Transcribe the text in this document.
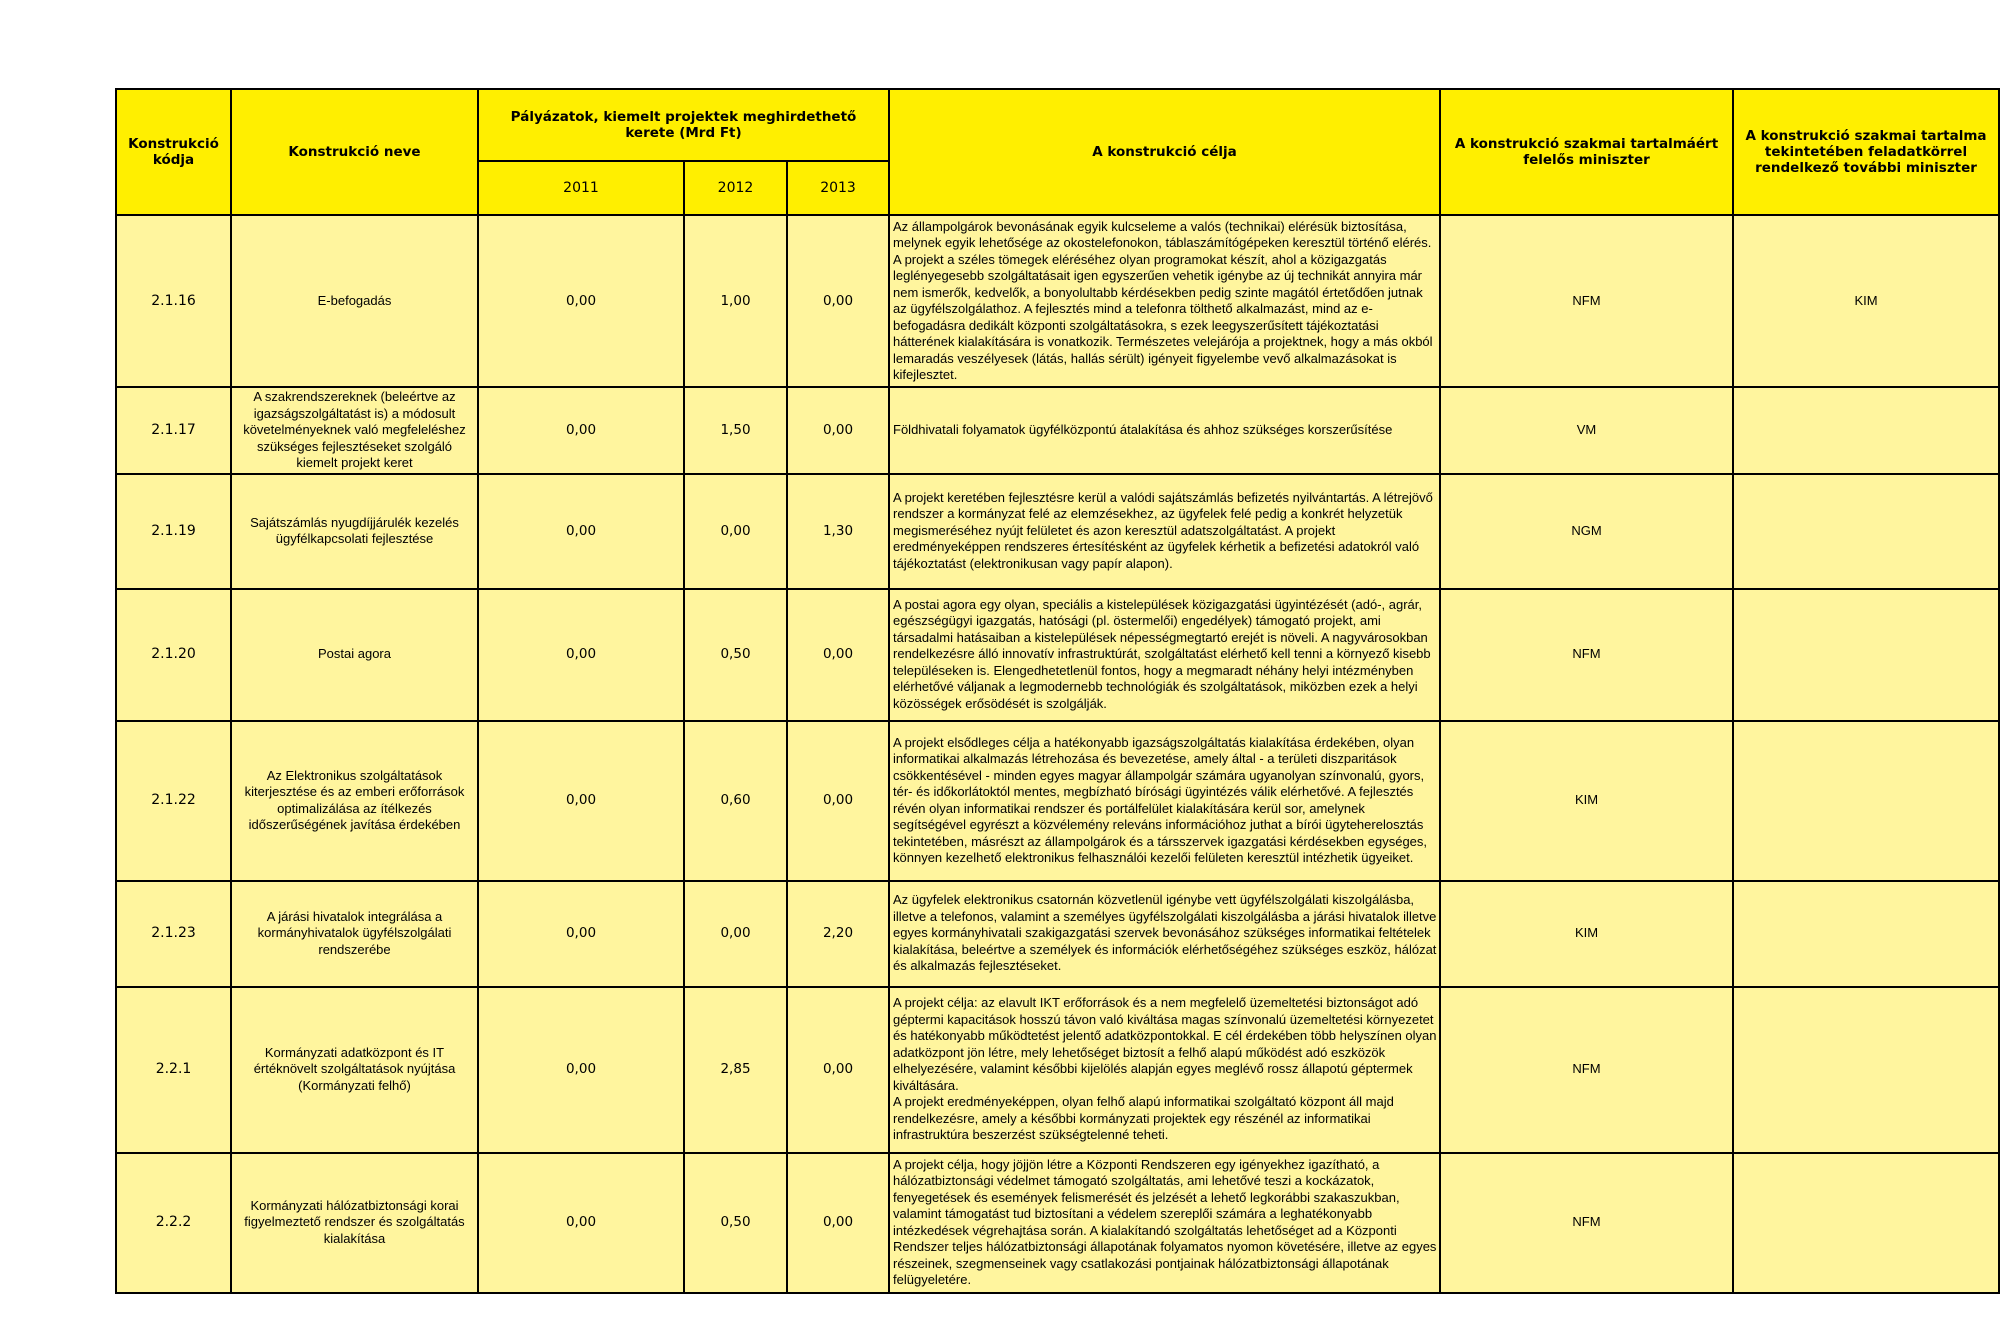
Konstrukció kódja	Konstrukció neve	Pályázatok, kiemelt projektek meghirdethető kerete (Mrd Ft)			A konstrukció célja	A konstrukció szakmai tartalmáért felelős miniszter	A konstrukció szakmai tartalma tekintetében feladatkörrel rendelkező további miniszter
		2011	2012	2013			
2.1.16	E-befogadás	0,00	1,00	0,00	Az állampolgárok bevonásának egyik kulcseleme a valós (technikai) elérésük biztosítása, melynek egyik lehetősége az okostelefonokon, táblaszámítógépeken keresztül történő elérés. A projekt a széles tömegek eléréséhez olyan programokat készít, ahol a közigazgatás leglényegesebb szolgáltatásait igen egyszerűen vehetik igénybe az új technikát annyira már nem ismerők, kedvelők, a bonyolultabb kérdésekben pedig szinte magától értetődően jutnak az ügyfélszolgálathoz. A fejlesztés mind a telefonra tölthető alkalmazást, mind az e-befogadásra dedikált központi szolgáltatásokra, s ezek leegyszerűsített tájékoztatási hátterének kialakítására is vonatkozik. Természetes velejárója a projektnek, hogy a más okból lemaradás veszélyesek (látás, hallás sérült) igényeit figyelembe vevő alkalmazásokat is kifejlesztet.	NFM	KIM
2.1.17	A szakrendszereknek (beleértve az igazságszolgáltatást is) a módosult követelményeknek való megfeleléshez szükséges fejlesztéseket szolgáló kiemelt projekt keret	0,00	1,50	0,00	Földhivatali folyamatok ügyfélközpontú átalakítása és ahhoz szükséges korszerűsítése	VM	
2.1.19	Sajátszámlás nyugdíjjárulék kezelés ügyfélkapcsolati fejlesztése	0,00	0,00	1,30	A projekt keretében fejlesztésre kerül a valódi sajátszámlás befizetés nyilvántartás. A létrejövő rendszer a kormányzat felé az elemzésekhez, az ügyfelek felé pedig a konkrét helyzetük megismeréséhez nyújt felületet és azon keresztül adatszolgáltatást. A projekt eredményeképpen rendszeres értesítésként az ügyfelek kérhetik a befizetési adatokról való tájékoztatást (elektronikusan vagy papír alapon).	NGM	
2.1.20	Postai agora	0,00	0,50	0,00	A postai agora egy olyan, speciális a kistelepülések közigazgatási ügyintézését (adó-, agrár, egészségügyi igazgatás, hatósági (pl. östermelői) engedélyek) támogató projekt, ami társadalmi hatásaiban a kistelepülések népességmegtartó erejét is növeli. A nagyvárosokban rendelkezésre álló innovatív infrastruktúrát, szolgáltatást elérhető kell tenni a környező kisebb településeken is. Elengedhetetlenül fontos, hogy a megmaradt néhány helyi intézményben elérhetővé váljanak a legmodernebb technológiák és szolgáltatások, miközben ezek a helyi közösségek erősödését is szolgálják.	NFM	
2.1.22	Az Elektronikus szolgáltatások kiterjesztése és az emberi erőforrások optimalizálása az ítélkezés időszerűségének javítása érdekében	0,00	0,60	0,00	A projekt elsődleges célja a hatékonyabb igazságszolgáltatás kialakítása érdekében, olyan informatikai alkalmazás létrehozása és bevezetése, amely által - a területi diszparitások csökkentésével - minden egyes magyar állampolgár számára ugyanolyan színvonalú, gyors, tér- és időkorlátoktól mentes, megbízható bírósági ügyintézés válik elérhetővé. A fejlesztés révén olyan informatikai rendszer és portálfelület kialakítására kerül sor, amelynek segítségével egyrészt a közvélemény releváns információhoz juthat a bírói ügyteherelosztás tekintetében, másrészt az állampolgárok és a társszervek igazgatási kérdésekben egységes, könnyen kezelhető elektronikus felhasználói kezelői felületen keresztül intézhetik ügyeiket.	KIM	
2.1.23	A járási hivatalok integrálása a kormányhivatalok ügyfélszolgálati rendszerébe	0,00	0,00	2,20	Az ügyfelek elektronikus csatornán közvetlenül igénybe vett ügyfélszolgálati kiszolgálásba, illetve a telefonos, valamint a személyes ügyfélszolgálati kiszolgálásba a járási hivatalok illetve egyes kormányhivatali szakigazgatási szervek bevonásához szükséges informatikai feltételek kialakítása, beleértve a személyek és információk elérhetőségéhez szükséges eszköz, hálózat és alkalmazás fejlesztéseket.	KIM	
2.2.1	Kormányzati adatközpont és IT értéknövelt szolgáltatások nyújtása (Kormányzati felhő)	0,00	2,85	0,00	A projekt célja: az elavult IKT erőforrások és a nem megfelelő üzemeltetési biztonságot adó géptermi kapacitások hosszú távon való kiváltása magas színvonalú üzemeltetési környezetet és hatékonyabb működtetést jelentő adatközpontokkal. E cél érdekében több helyszínen olyan adatközpont jön létre, mely lehetőséget biztosít a felhő alapú működést adó eszközök elhelyezésére, valamint későbbi kijelölés alapján egyes meglévő rossz állapotú géptermek kiváltására.
A projekt eredményeképpen, olyan felhő alapú informatikai szolgáltató központ áll majd rendelkezésre, amely a későbbi kormányzati projektek egy részénél az informatikai infrastruktúra beszerzést szükségtelenné teheti.	NFM	
2.2.2	Kormányzati hálózatbiztonsági korai figyelmeztető rendszer és szolgáltatás kialakítása	0,00	0,50	0,00	A projekt célja, hogy jöjjön létre a Központi Rendszeren egy igényekhez igazítható, a hálózatbiztonsági védelmet támogató szolgáltatás, ami lehetővé teszi a kockázatok, fenyegetések és események felismerését és jelzését a lehető legkorábbi szakaszukban, valamint támogatást tud biztosítani a védelem szereplői számára a leghatékonyabb intézkedések végrehajtása során. A kialakítandó szolgáltatás lehetőséget ad a Központi Rendszer teljes hálózatbiztonsági állapotának folyamatos nyomon követésére, illetve az egyes részeinek, szegmenseinek vagy csatlakozási pontjainak hálózatbiztonsági állapotának felügyeletére.	NFM	
